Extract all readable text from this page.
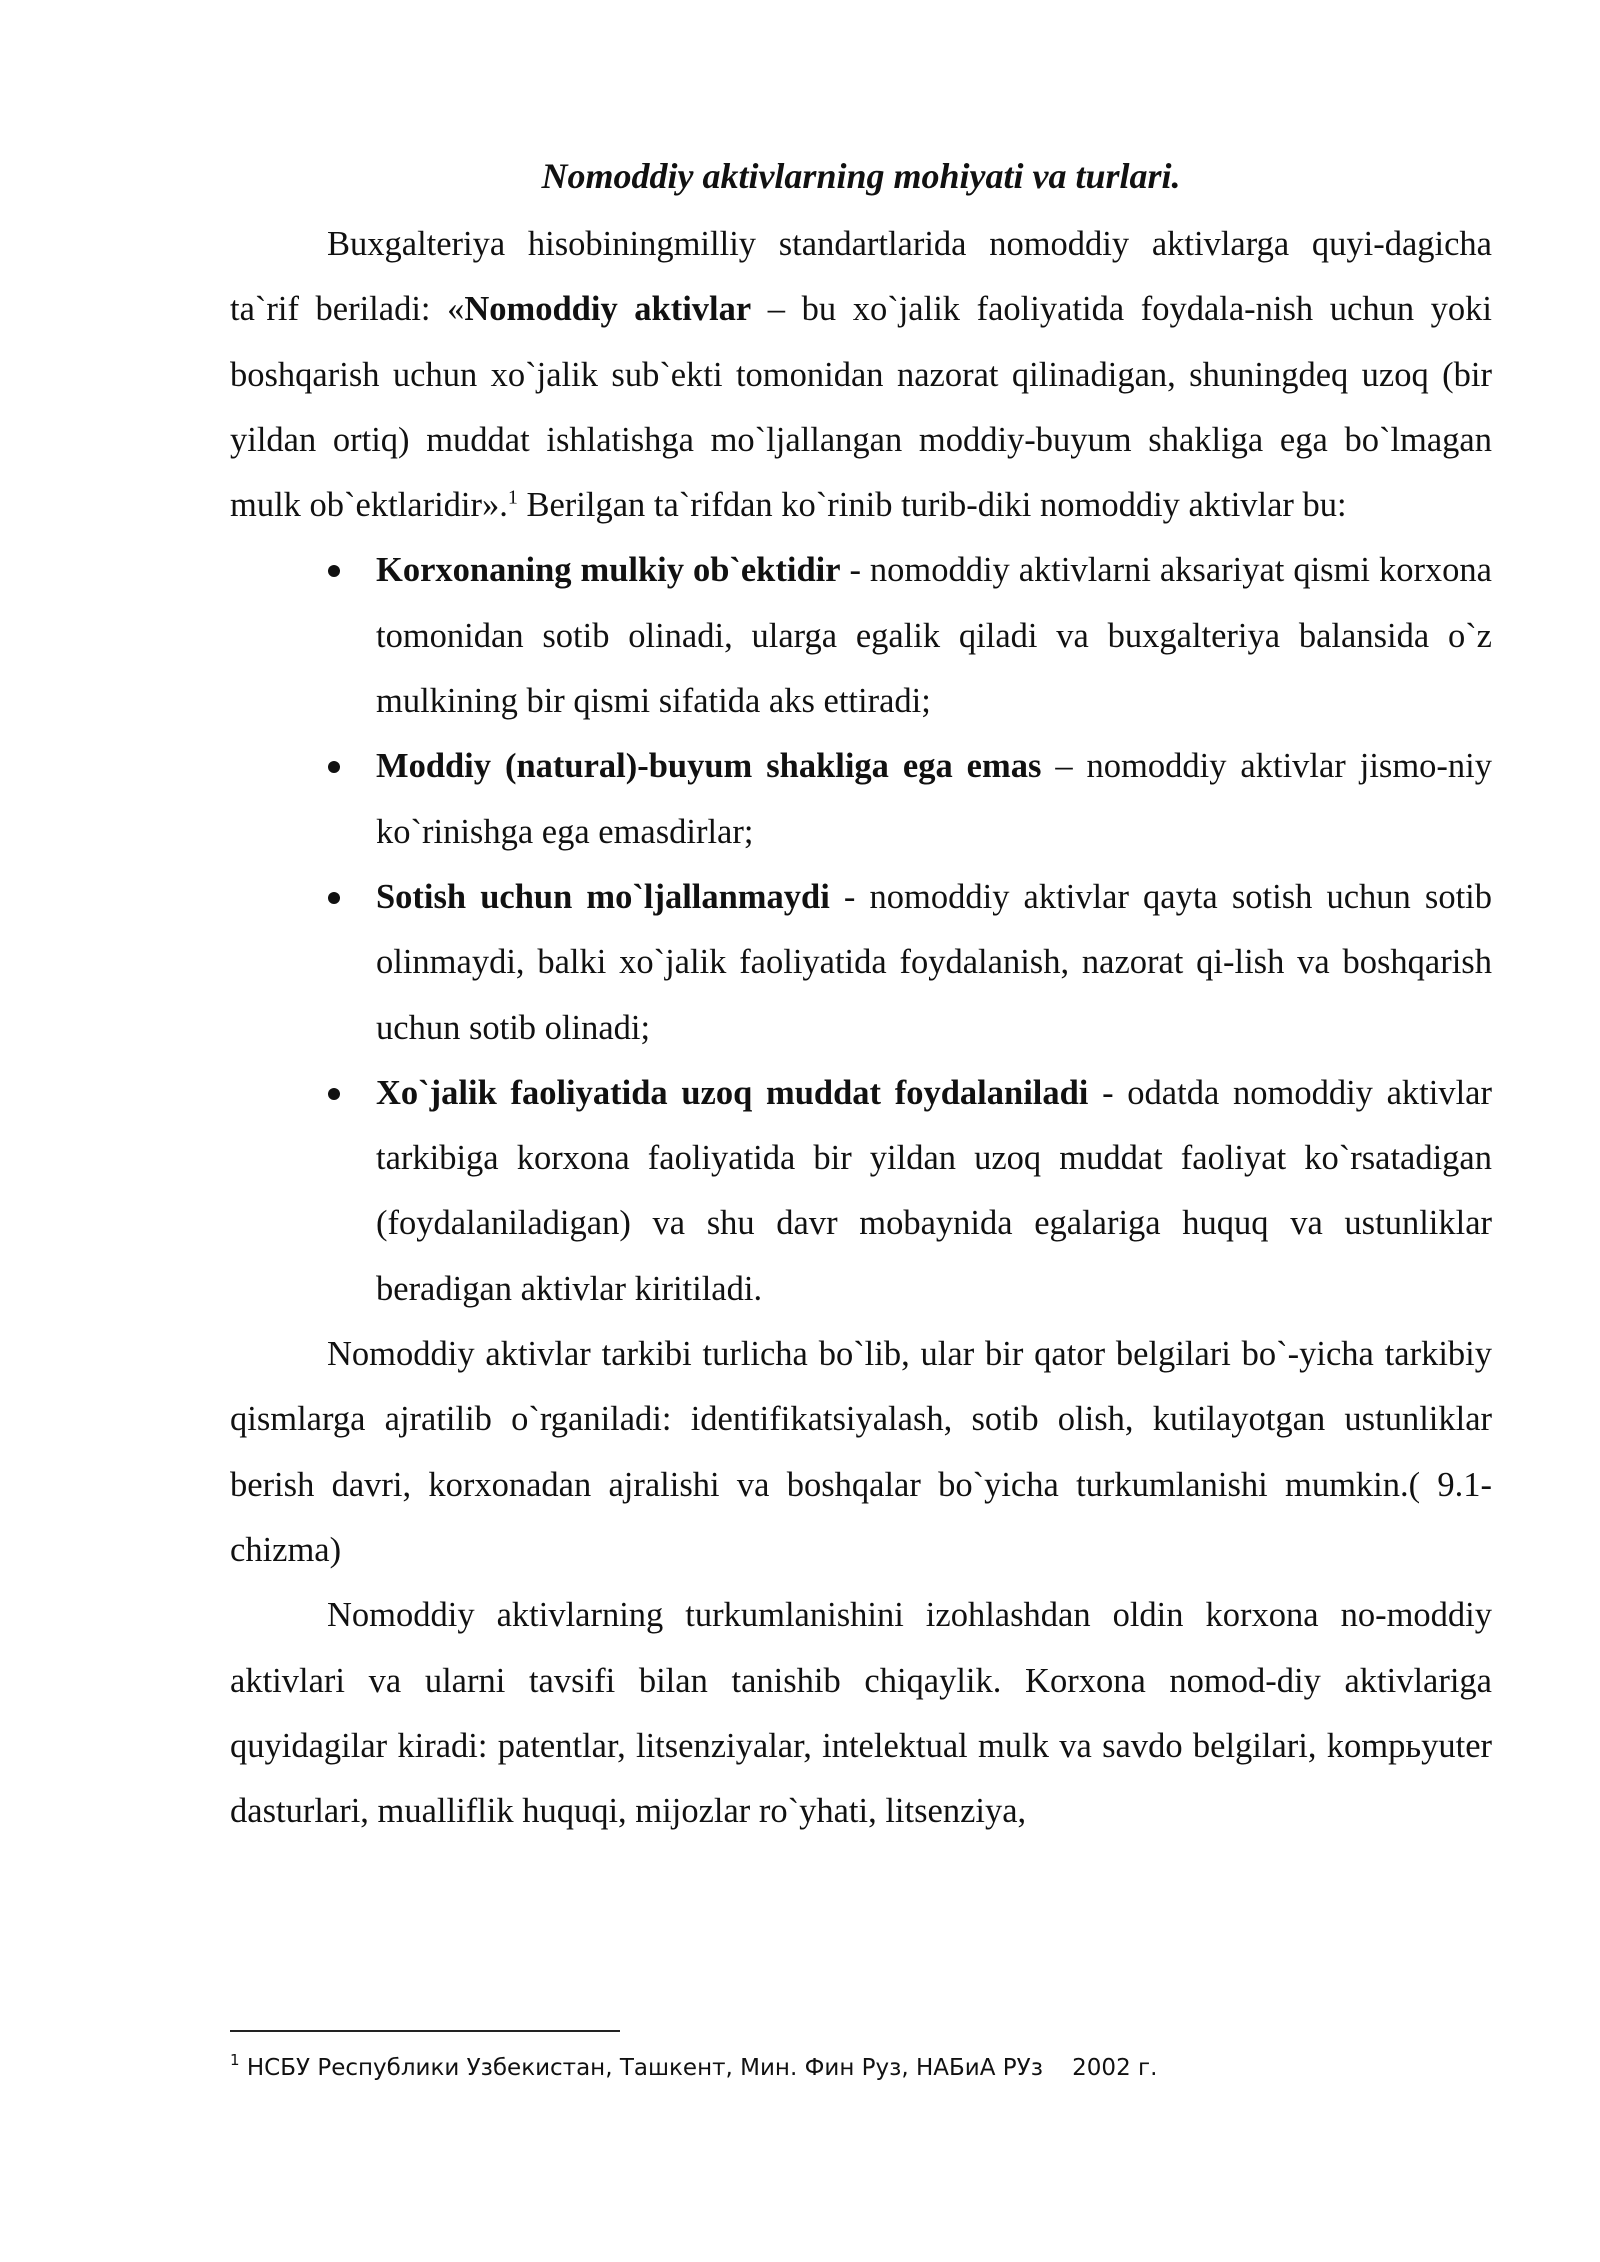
Nomoddiy aktivlarning mohiyati va turlari.

Buxgalteriya hisobiningmilliy standartlarida nomoddiy aktivlarga quyi-dagicha ta`rif beriladi: «Nomoddiy aktivlar – bu xo`jalik faoliyatida foydala-nish uchun yoki boshqarish uchun xo`jalik sub`ekti tomonidan nazorat qilinadigan, shuningdeq uzoq (bir yildan ortiq) muddat ishlatishga mo`ljallangan moddiy-buyum shakliga ega bo`lmagan mulk ob`ektlaridir».$^1$ Berilgan ta`rifdan ko`rinib turib-diki nomoddiy aktivlar bu:

Korxonaning mulkiy ob`ektidir - nomoddiy aktivlarni aksariyat qismi korxona tomonidan sotib olinadi, ularga egalik qiladi va buxgalteriya balansida o`z mulkining bir qismi sifatida aks ettiradi;
Moddiy (natural)-buyum shakliga ega emas – nomoddiy aktivlar jismo-niy ko`rinishga ega emasdirlar;
Sotish uchun mo`ljallanmaydi - nomoddiy aktivlar qayta sotish uchun sotib olinmaydi, balki xo`jalik faoliyatida foydalanish, nazorat qi-lish va boshqarish uchun sotib olinadi;
Xo`jalik faoliyatida uzoq muddat foydalaniladi - odatda nomoddiy aktivlar tarkibiga korxona faoliyatida bir yildan uzoq muddat faoliyat ko`rsatadigan (foydalaniladigan) va shu davr mobaynida egalariga huquq va ustunliklar beradigan aktivlar kiritiladi.

Nomoddiy aktivlar tarkibi turlicha bo`lib, ular bir qator belgilari bo`-yicha tarkibiy qismlarga ajratilib o`rganiladi: identifikatsiyalash, sotib olish, kutilayotgan ustunliklar berish davri, korxonadan ajralishi va boshqalar bo`yicha turkumlanishi mumkin.( 9.1-chizma)

Nomoddiy aktivlarning turkumlanishini izohlashdan oldin korxona no-moddiy aktivlari va ularni tavsifi bilan tanishib chiqaylik. Korxona nomod-diy aktivlariga quyidagilar kiradi: patentlar, litsenziyalar, intelektual mulk va savdo belgilari, kompьyuter dasturlari, mualliflik huquqi, mijozlar ro`yhati, litsenziya,

$^1$ НСБУ Республики Узбекистан, Ташкент, Мин. Фин Руз, НАБиА РУз    2002 г.
